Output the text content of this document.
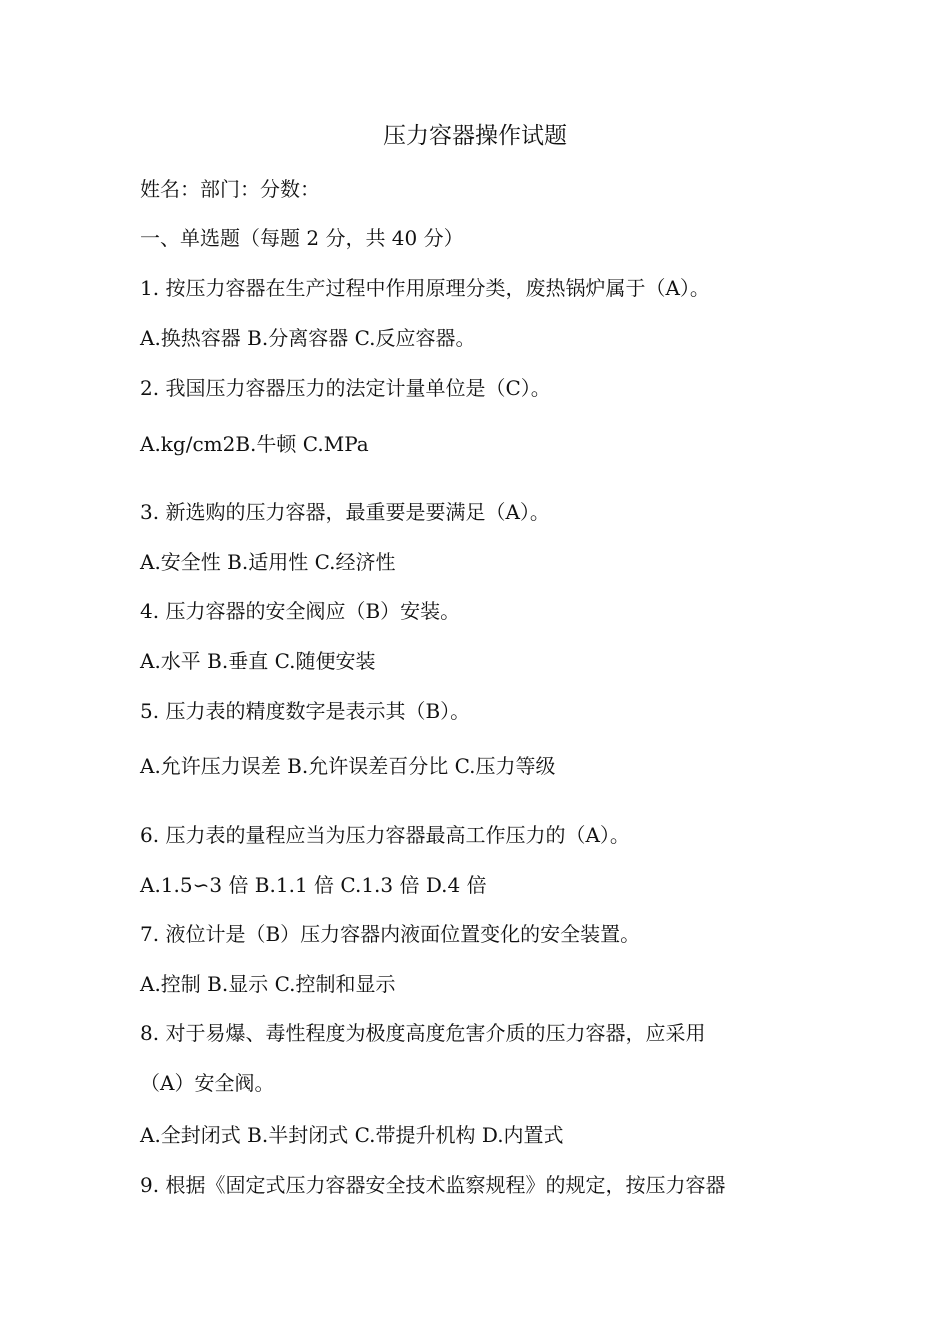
压力容器操作试题
姓名：部门：分数：
一、单选题（每题 2 分，共 40 分）
1. 按压力容器在生产过程中作用原理分类，废热锅炉属于（A）。
A.换热容器 B.分离容器 C.反应容器。
2. 我国压力容器压力的法定计量单位是（C）。
A.kg/cm2B.牛顿 C.MPa
3. 新选购的压力容器，最重要是要满足（A）。
A.安全性 B.适用性 C.经济性
4. 压力容器的安全阀应（B）安装。
A.水平 B.垂直 C.随便安装
5. 压力表的精度数字是表示其（B）。
A.允许压力误差 B.允许误差百分比 C.压力等级
6. 压力表的量程应当为压力容器最高工作压力的（A）。
A.1.5∽3 倍 B.1.1 倍 C.1.3 倍 D.4 倍
7. 液位计是（B）压力容器内液面位置变化的安全装置。
A.控制 B.显示 C.控制和显示
8. 对于易爆、毒性程度为极度高度危害介质的压力容器，应采用
（A）安全阀。
A.全封闭式 B.半封闭式 C.带提升机构 D.内置式
9. 根据《固定式压力容器安全技术监察规程》的规定，按压力容器
